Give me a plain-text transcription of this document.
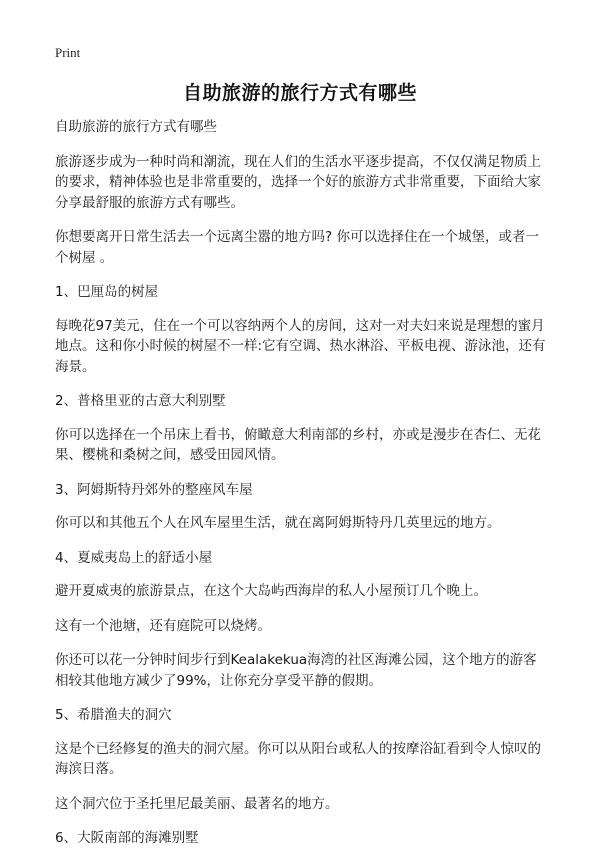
Print
自助旅游的旅行方式有哪些

自助旅游的旅行方式有哪些

旅游逐步成为一种时尚和潮流，现在人们的生活水平逐步提高，不仅仅满足物质上的要求，精神体验也是非常重要的，选择一个好的旅游方式非常重要，下面给大家分享最舒服的旅游方式有哪些。

你想要离开日常生活去一个远离尘嚣的地方吗? 你可以选择住在一个城堡，或者一个树屋 。

1、巴厘岛的树屋

每晚花97美元，住在一个可以容纳两个人的房间，这对一对夫妇来说是理想的蜜月地点。这和你小时候的树屋不一样:它有空调、热水淋浴、平板电视、游泳池，还有海景。

2、普格里亚的古意大利别墅

你可以选择在一个吊床上看书，俯瞰意大利南部的乡村，亦或是漫步在杏仁、无花果、樱桃和桑树之间，感受田园风情。

3、阿姆斯特丹郊外的整座风车屋

你可以和其他五个人在风车屋里生活，就在离阿姆斯特丹几英里远的地方。

4、夏威夷岛上的舒适小屋

避开夏威夷的旅游景点，在这个大岛屿西海岸的私人小屋预订几个晚上。

这有一个池塘，还有庭院可以烧烤。

你还可以花一分钟时间步行到Kealakekua海湾的社区海滩公园，这个地方的游客相较其他地方减少了99%，让你充分享受平静的假期。

5、希腊渔夫的洞穴

这是个已经修复的渔夫的洞穴屋。你可以从阳台或私人的按摩浴缸看到令人惊叹的海滨日落。

这个洞穴位于圣托里尼最美丽、最著名的地方。

6、大阪南部的海滩别墅
